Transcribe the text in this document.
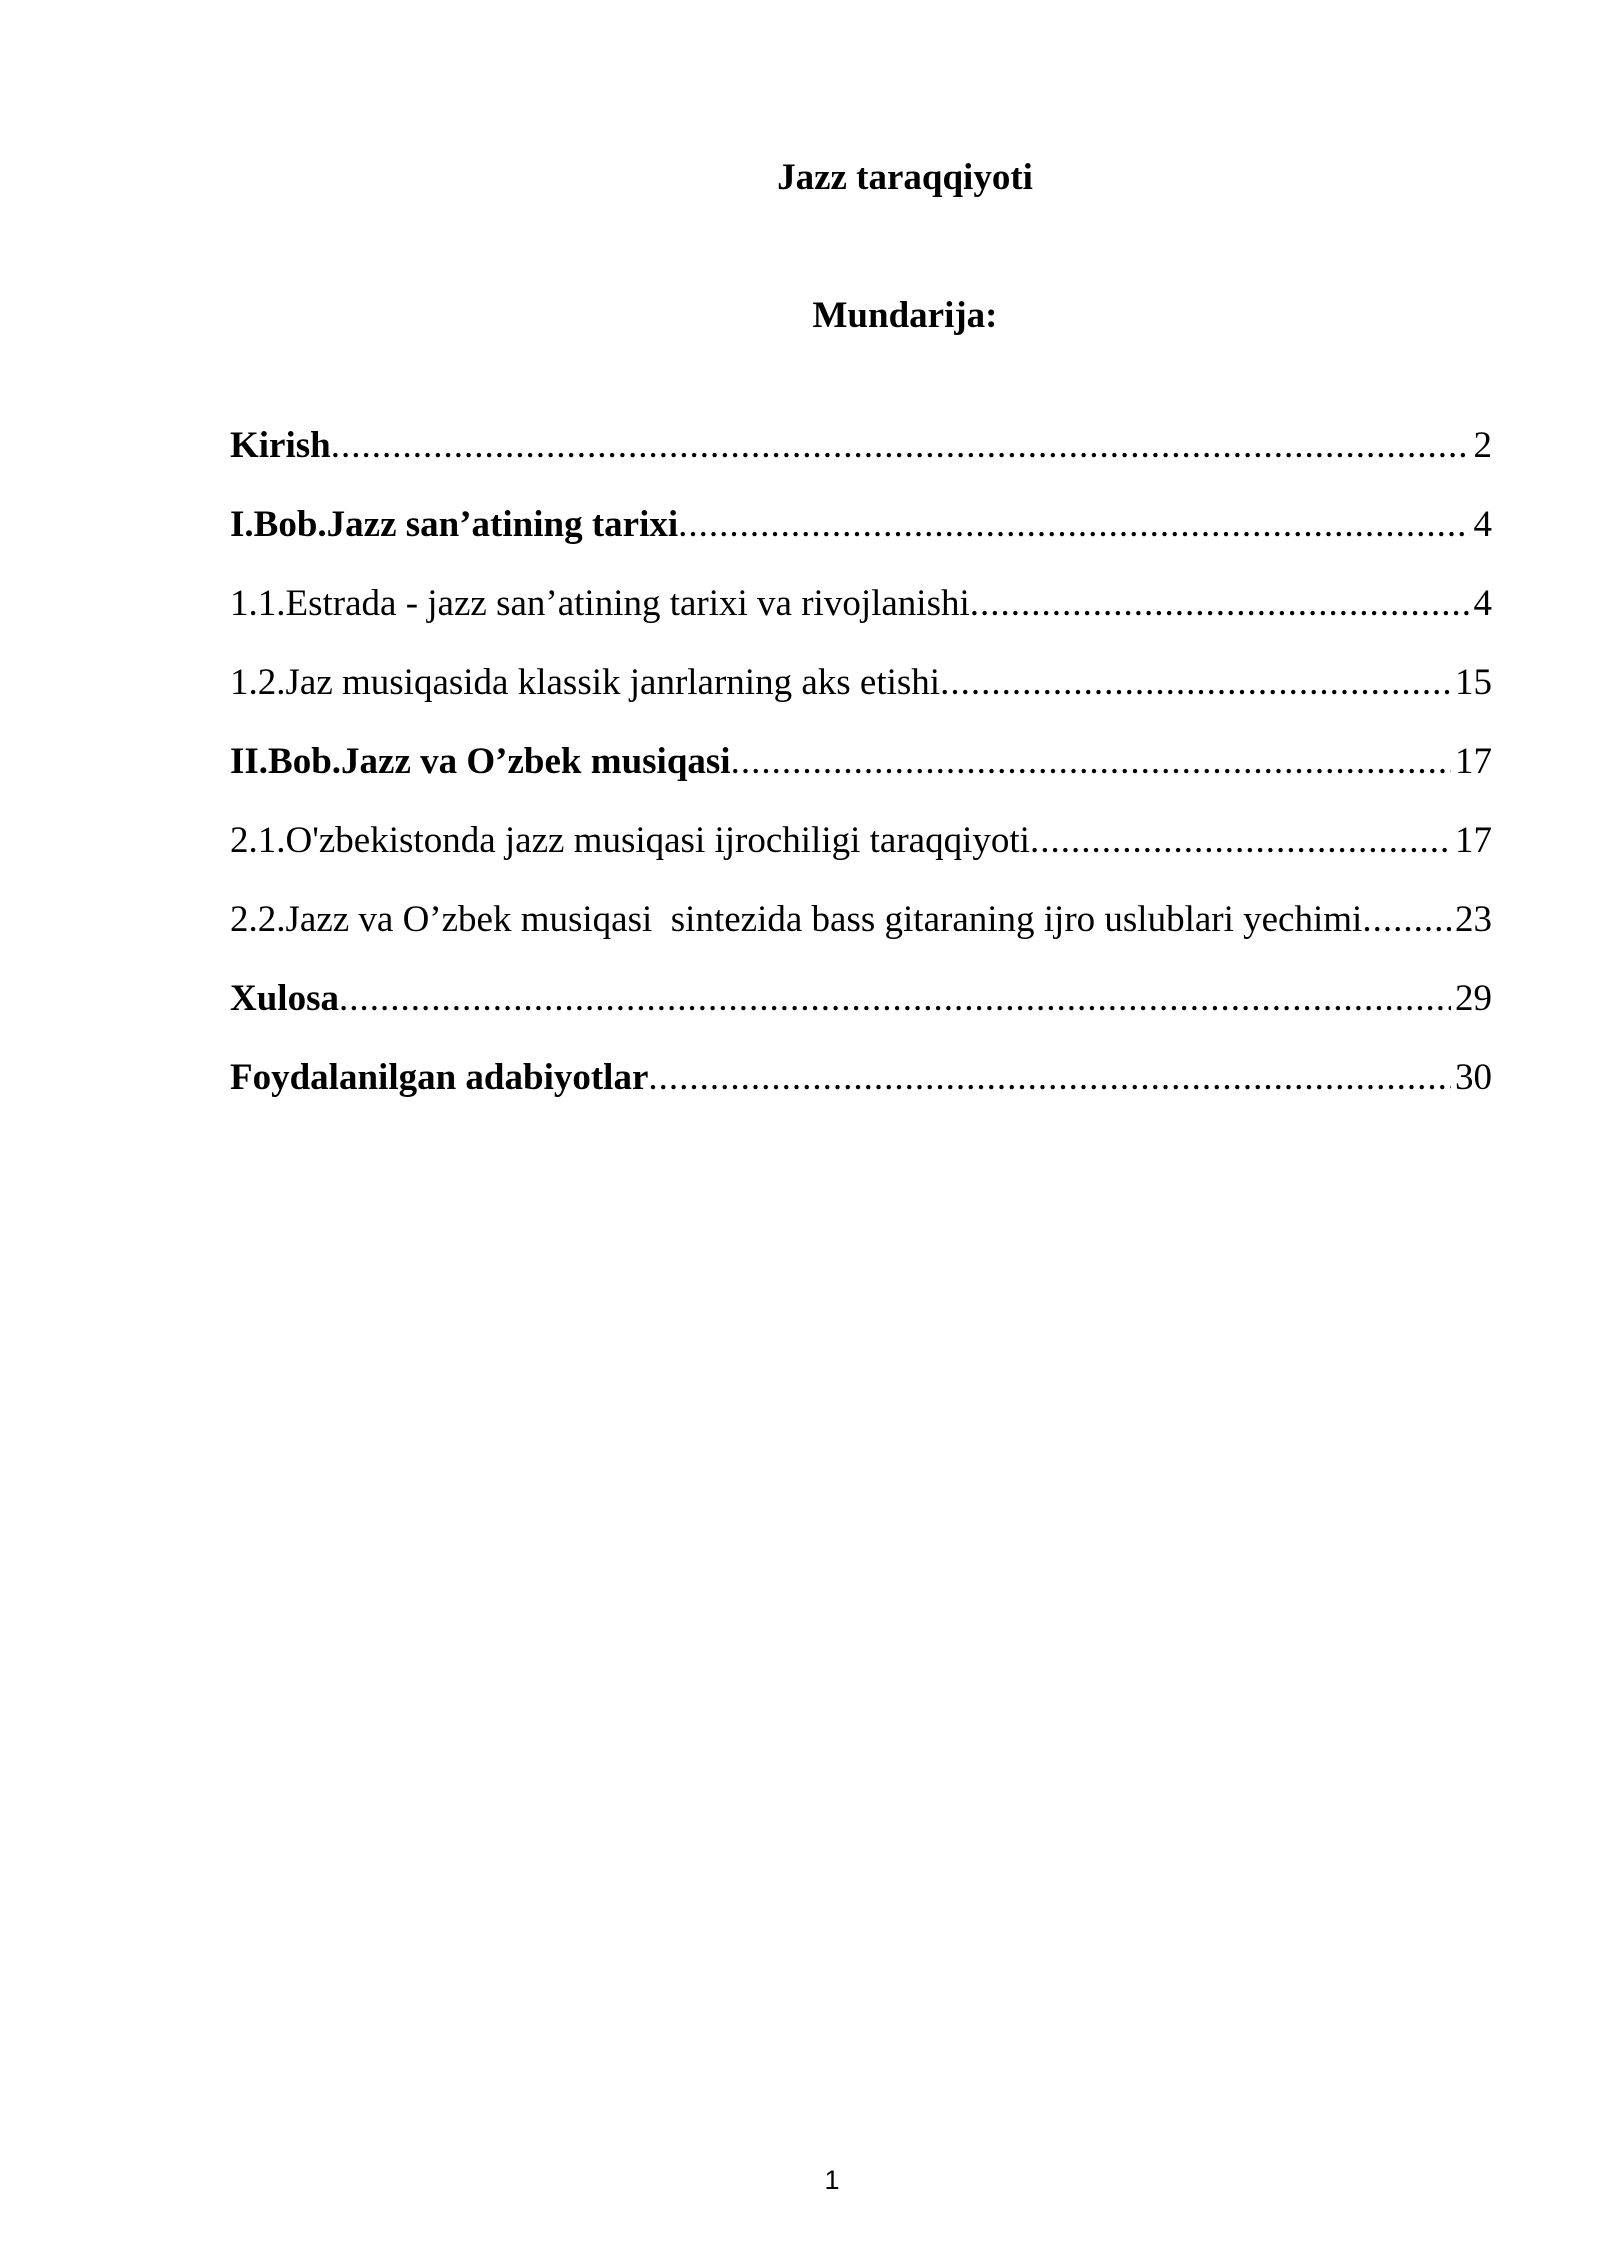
Jazz taraqqiyoti
Mundarija:
Kirish .....	2
I.Bob.Jazz san’atining tarixi .....	4
1.1.Estrada - jazz san’atining tarixi va rivojlanishi .....	4
1.2.Jaz musiqasida klassik janrlarning aks etishi .....	15
II.Bob.Jazz va O’zbek musiqasi .....	17
2.1.O'zbekistonda jazz musiqasi ijrochiligi taraqqiyoti .....	17
2.2.Jazz va O’zbek musiqasi  sintezida bass gitaraning ijro uslublari yechimi .....	23
Xulosa .....	29
Foydalanilgan adabiyotlar .....	30
1
